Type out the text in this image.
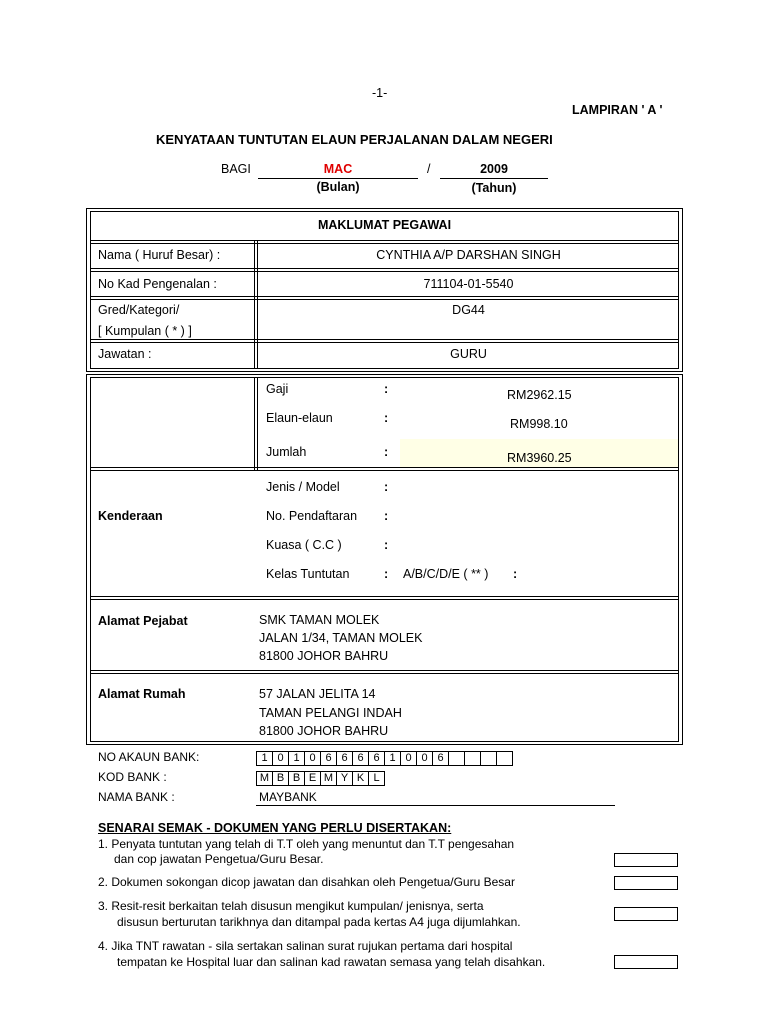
-1-
LAMPIRAN ' A '
KENYATAAN TUNTUTAN ELAUN PERJALANAN DALAM NEGERI
BAGI	MAC	/	2009
(Bulan)	(Tahun)
MAKLUMAT PEGAWAI
Nama ( Huruf Besar) :	CYNTHIA A/P DARSHAN SINGH
No Kad Pengenalan :	711104-01-5540
Gred/Kategori/
[ Kumpulan ( * ) ]
DG44
Jawatan :	GURU
Gaji	:	RM2962.15
Elaun-elaun	:	RM998.10
Jumlah	:	RM3960.25
Kenderaan
Jenis / Model	:
No. Pendaftaran :
Kuasa ( C.C )	:
Kelas Tuntutan	: A/B/C/D/E ( ** ) :
Alamat Pejabat	SMK TAMAN MOLEK
JALAN 1/34, TAMAN MOLEK
81800 JOHOR BAHRU
Alamat Rumah	57 JALAN JELITA 14
TAMAN PELANGI INDAH
81800 JOHOR BAHRU
NO AKAUN BANK:	1 0 1 0 6 6 6 6 1 0 0 6
KOD BANK :	M B B E M Y K L
NAMA BANK :	MAYBANK
SENARAI SEMAK - DOKUMEN YANG PERLU DISERTAKAN:
1. Penyata tuntutan yang telah di T.T oleh yang menuntut dan T.T pengesahan
dan cop jawatan Pengetua/Guru Besar.
2. Dokumen sokongan dicop jawatan dan disahkan oleh Pengetua/Guru Besar
3. Resit-resit berkaitan telah disusun mengikut kumpulan/ jenisnya, serta
disusun berturutan tarikhnya dan ditampal pada kertas A4 juga dijumlahkan.
4. Jika TNT rawatan - sila sertakan salinan surat rujukan pertama dari hospital
tempatan ke Hospital luar dan salinan kad rawatan semasa yang telah disahkan.
